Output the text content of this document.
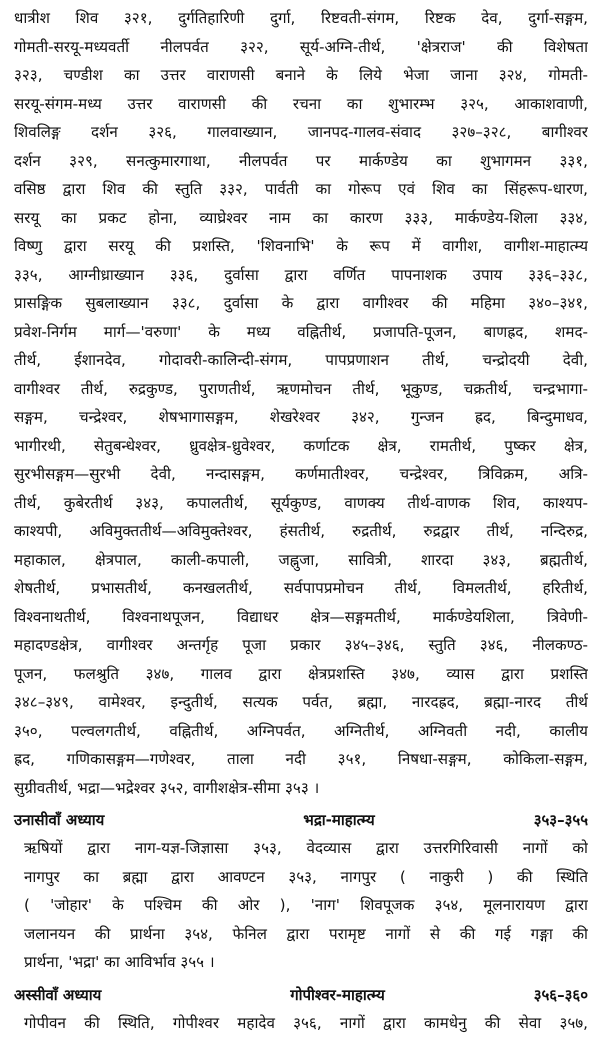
धात्रीश शिव ३२१, दुर्गतिहारिणी दुर्गा, रिष्टवती-संगम, रिष्टक देव, दुर्गा-सङ्गम,

गोमती-सरयू-मध्यवर्ती नीलपर्वत ३२२, सूर्य-अग्नि-तीर्थ, 'क्षेत्रराज' की विशेषता

३२३, चण्डीश का उत्तर वाराणसी बनाने के लिये भेजा जाना ३२४, गोमती-

सरयू-संगम-मध्य उत्तर वाराणसी की रचना का शुभारम्भ ३२५, आकाशवाणी,

शिवलिङ्ग दर्शन ३२६, गालवाख्यान, जानपद-गालव-संवाद ३२७–३२८, बागीश्वर

दर्शन ३२९, सनत्कुमारगाथा, नीलपर्वत पर मार्कण्डेय का शुभागमन ३३१,

वसिष्ठ द्वारा शिव की स्तुति ३३२, पार्वती का गोरूप एवं शिव का सिंहरूप-धारण,

सरयू का प्रकट होना, व्याघ्रेश्वर नाम का कारण ३३३, मार्कण्डेय-शिला ३३४,

विष्णु द्वारा सरयू की प्रशस्ति, 'शिवनाभि' के रूप में वागीश, वागीश-माहात्म्य

३३५, आग्नीध्राख्यान ३३६, दुर्वासा द्वारा वर्णित पापनाशक उपाय ३३६–३३८,

प्रासङ्गिक सुबलाख्यान ३३८, दुर्वासा के द्वारा वागीश्वर की महिमा ३४०–३४१,

प्रवेश-निर्गम मार्ग—'वरुणा' के मध्य वह्नितीर्थ, प्रजापति-पूजन, बाणह्रद, शमद-

तीर्थ, ईशानदेव, गोदावरी-कालिन्दी-संगम, पापप्रणाशन तीर्थ, चन्द्रोदयी देवी,

वागीश्वर तीर्थ, रुद्रकुण्ड, पुराणतीर्थ, ऋणमोचन तीर्थ, भूकुण्ड, चक्रतीर्थ, चन्द्रभागा-

सङ्गम, चन्द्रेश्वर, शेषभागासङ्गम, शेखरेश्वर ३४२, गुन्जन ह्रद, बिन्दुमाधव,

भागीरथी, सेतुबन्धेश्वर, ध्रुवक्षेत्र-ध्रुवेश्वर, कर्णाटक क्षेत्र, रामतीर्थ, पुष्कर क्षेत्र,

सुरभीसङ्गम—सुरभी देवी, नन्दासङ्गम, कर्णमातीश्वर, चन्द्रेश्वर, त्रिविक्रम, अत्रि-

तीर्थ, कुबेरतीर्थ ३४३, कपालतीर्थ, सूर्यकुण्ड, वाणक्य तीर्थ-वाणक शिव, काश्यप-

काश्यपी, अविमुक्ततीर्थ—अविमुक्तेश्वर, हंसतीर्थ, रुद्रतीर्थ, रुद्रद्वार तीर्थ, नन्दिरुद्र,

महाकाल, क्षेत्रपाल, काली-कपाली, जह्नुजा, सावित्री, शारदा ३४३, ब्रह्मतीर्थ,

शेषतीर्थ, प्रभासतीर्थ, कनखलतीर्थ, सर्वपापप्रमोचन तीर्थ, विमलतीर्थ, हरितीर्थ,

विश्वनाथतीर्थ, विश्वनाथपूजन, विद्याधर क्षेत्र—सङ्गमतीर्थ, मार्कण्डेयशिला, त्रिवेणी-

महादण्डक्षेत्र, वागीश्वर अन्तर्गृह पूजा प्रकार ३४५–३४६, स्तुति ३४६, नीलकण्ठ-

पूजन, फलश्रुति ३४७, गालव द्वारा क्षेत्रप्रशस्ति ३४७, व्यास द्वारा प्रशस्ति

३४८–३४९, वामेश्वर, इन्दुतीर्थ, सत्यक पर्वत, ब्रह्मा, नारदह्रद, ब्रह्मा-नारद तीर्थ

३५०, पल्वलगतीर्थ, वह्नितीर्थ, अग्निपर्वत, अग्नितीर्थ, अग्निवती नदी, कालीय

ह्रद, गणिकासङ्गम—गणेश्वर, ताला नदी ३५१, निषधा-सङ्गम, कोकिला-सङ्गम,

सुग्रीवतीर्थ, भद्रा—भद्रेश्वर ३५२, वागीशक्षेत्र-सीमा ३५३ ।

उनासीवाँ अध्याय	भद्रा-माहात्म्य	३५३–३५५

ऋषियों द्वारा नाग-यज्ञ-जिज्ञासा ३५३, वेदव्यास द्वारा उत्तरगिरिवासी नागों को

नागपुर का ब्रह्मा द्वारा आवण्टन ३५३, नागपुर ( नाकुरी ) की स्थिति

( 'जोहार' के पश्चिम की ओर ), 'नाग' शिवपूजक ३५४, मूलनारायण द्वारा

जलानयन की प्रार्थना ३५४, फेनिल द्वारा परामृष्ट नागों से की गई गङ्गा की

प्रार्थना, 'भद्रा' का आविर्भाव ३५५ ।

अस्सीवाँ अध्याय	गोपीश्वर-माहात्म्य	३५६–३६०

गोपीवन की स्थिति, गोपीश्वर महादेव ३५६, नागों द्वारा कामधेनु की सेवा ३५७,
